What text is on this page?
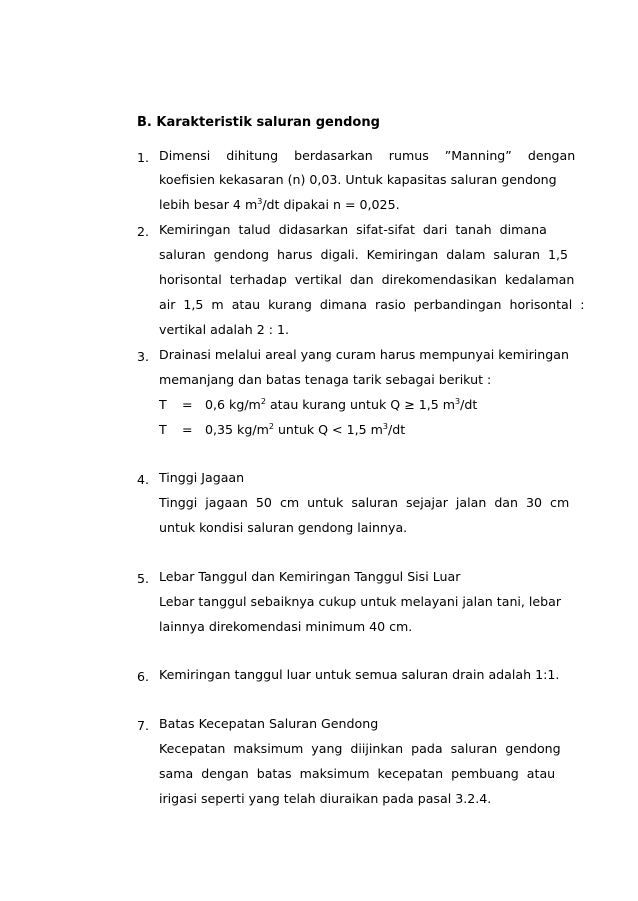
B. Karakteristik saluran gendong
1. Dimensi  dihitung  berdasarkan  rumus  ”Manning”  dengan
koefisien kekasaran (n) 0,03. Untuk kapasitas saluran gendong
lebih besar 4 $m^3/dt$ dipakai n = 0,025.
2. Kemiringan  talud  didasarkan  sifat-sifat  dari  tanah  dimana
saluran  gendong  harus  digali.  Kemiringan  dalam  saluran  1,5
horisontal  terhadap  vertikal  dan  direkomendasikan  kedalaman
air  1,5  m  atau  kurang  dimana  rasio  perbandingan  horisontal  :
vertikal adalah 2 : 1.
3. Drainasi melalui areal yang curam harus mempunyai kemiringan
memanjang dan batas tenaga tarik sebagai berikut :
T = 0,6 $kg/m^2$ atau kurang untuk Q ≥ 1,5 $m^3/dt$
T = 0,35 $kg/m^2$ untuk Q < 1,5 $m^3/dt$
4. Tinggi Jagaan
Tinggi  jagaan  50  cm  untuk  saluran  sejajar  jalan  dan  30  cm
untuk kondisi saluran gendong lainnya.
5. Lebar Tanggul dan Kemiringan Tanggul Sisi Luar
Lebar tanggul sebaiknya cukup untuk melayani jalan tani, lebar
lainnya direkomendasi minimum 40 cm.
6. Kemiringan tanggul luar untuk semua saluran drain adalah 1:1.
7. Batas Kecepatan Saluran Gendong
Kecepatan  maksimum  yang  diijinkan  pada  saluran  gendong
sama  dengan  batas  maksimum  kecepatan  pembuang  atau
irigasi seperti yang telah diuraikan pada pasal 3.2.4.
